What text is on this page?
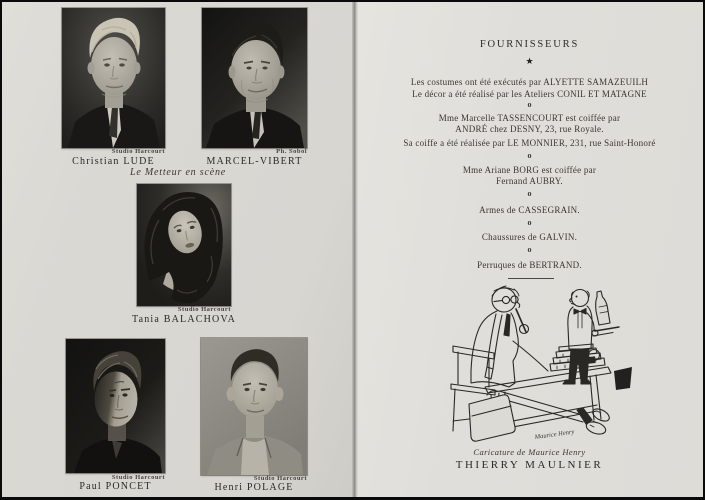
Studio Harcourt
Christian LUDE
Ph. Sobol
MARCEL-VIBERT
Le Metteur en scène
Studio Harcourt
Tania BALACHOVA
Studio Harcourt
Paul PONCET
Studio Harcourt
Henri POLAGE
FOURNISSEURS
★
Les costumes ont été exécutés par ALYETTE SAMAZEUILH
Le décor a été réalisé par les Ateliers CONIL ET MATAGNE
o
Mme Marcelle TASSENCOURT est coiffée par
ANDRÉ chez DESNY, 23, rue Royale.
Sa coiffe a été réalisée par LE MONNIER, 231, rue Saint-Honoré
o
Mme Ariane BORG est coiffée par
Fernand AUBRY.
o
Armes de CASSEGRAIN.
o
Chaussures de GALVIN.
o
Perruques de BERTRAND.
Maurice Henry
Caricature de Maurice Henry
THIERRY MAULNIER
